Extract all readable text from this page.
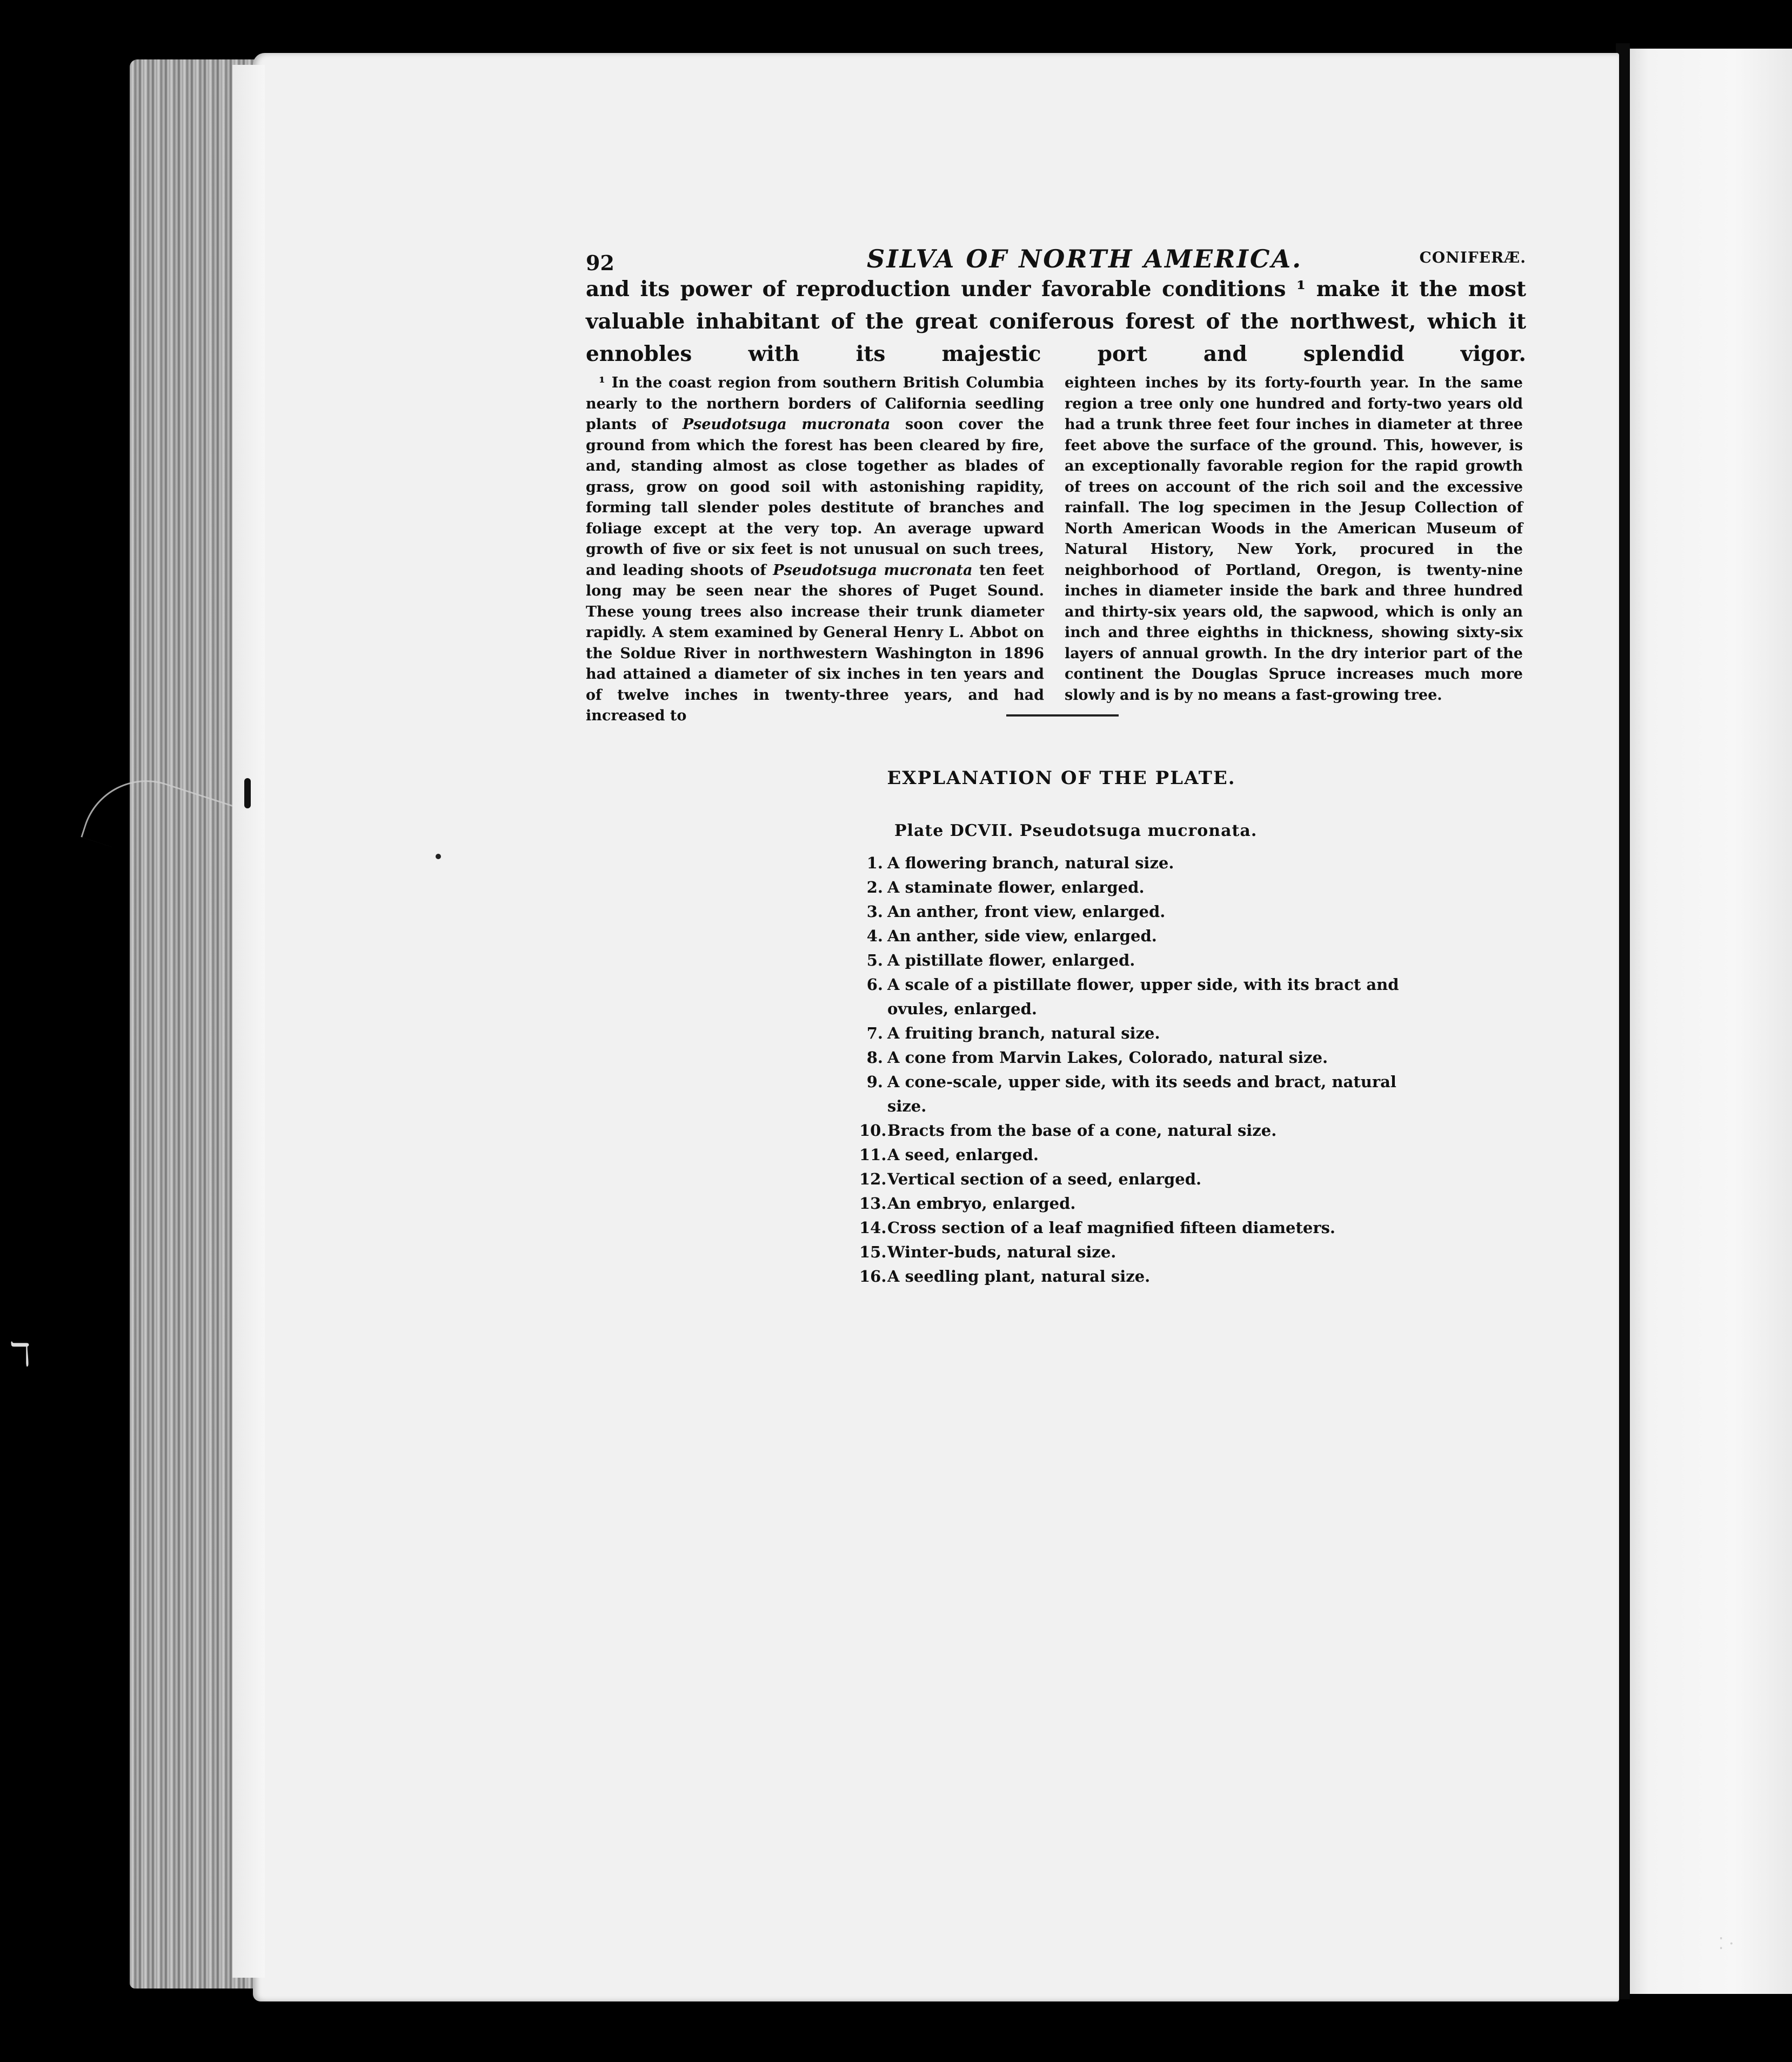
ℸ
92	SILVA OF NORTH AMERICA.	CONIFERÆ.

and its power of reproduction under favorable conditions ¹ make it the most valuable inhabitant of the great coniferous forest of the northwest, which it ennobles with its majestic port and splendid vigor.

¹ In the coast region from southern British Columbia nearly to the northern borders of California seedling plants of Pseudotsuga mucronata soon cover the ground from which the forest has been cleared by fire, and, standing almost as close together as blades of grass, grow on good soil with astonishing rapidity, forming tall slender poles destitute of branches and foliage except at the very top. An average upward growth of five or six feet is not unusual on such trees, and leading shoots of Pseudotsuga mucronata ten feet long may be seen near the shores of Puget Sound. These young trees also increase their trunk diameter rapidly. A stem examined by General Henry L. Abbot on the Soldue River in northwestern Washington in 1896 had attained a diameter of six inches in ten years and of twelve inches in twenty-three years, and had increased to

eighteen inches by its forty-fourth year. In the same region a tree only one hundred and forty-two years old had a trunk three feet four inches in diameter at three feet above the surface of the ground. This, however, is an exceptionally favorable region for the rapid growth of trees on account of the rich soil and the excessive rainfall. The log specimen in the Jesup Collection of North American Woods in the American Museum of Natural History, New York, procured in the neighborhood of Portland, Oregon, is twenty-nine inches in diameter inside the bark and three hundred and thirty-six years old, the sapwood, which is only an inch and three eighths in thickness, showing sixty-six layers of annual growth. In the dry interior part of the continent the Douglas Spruce increases much more slowly and is by no means a fast-growing tree.

EXPLANATION OF THE PLATE.
Plate DCVII. Pseudotsuga mucronata.
1. A flowering branch, natural size.
2. A staminate flower, enlarged.
3. An anther, front view, enlarged.
4. An anther, side view, enlarged.
5. A pistillate flower, enlarged.
6. A scale of a pistillate flower, upper side, with its bract and ovules, enlarged.
7. A fruiting branch, natural size.
8. A cone from Marvin Lakes, Colorado, natural size.
9. A cone-scale, upper side, with its seeds and bract, natural size.
10. Bracts from the base of a cone, natural size.
11. A seed, enlarged.
12. Vertical section of a seed, enlarged.
13. An embryo, enlarged.
14. Cross section of a leaf magnified fifteen diameters.
15. Winter-buds, natural size.
16. A seedling plant, natural size.
⁚ ·
